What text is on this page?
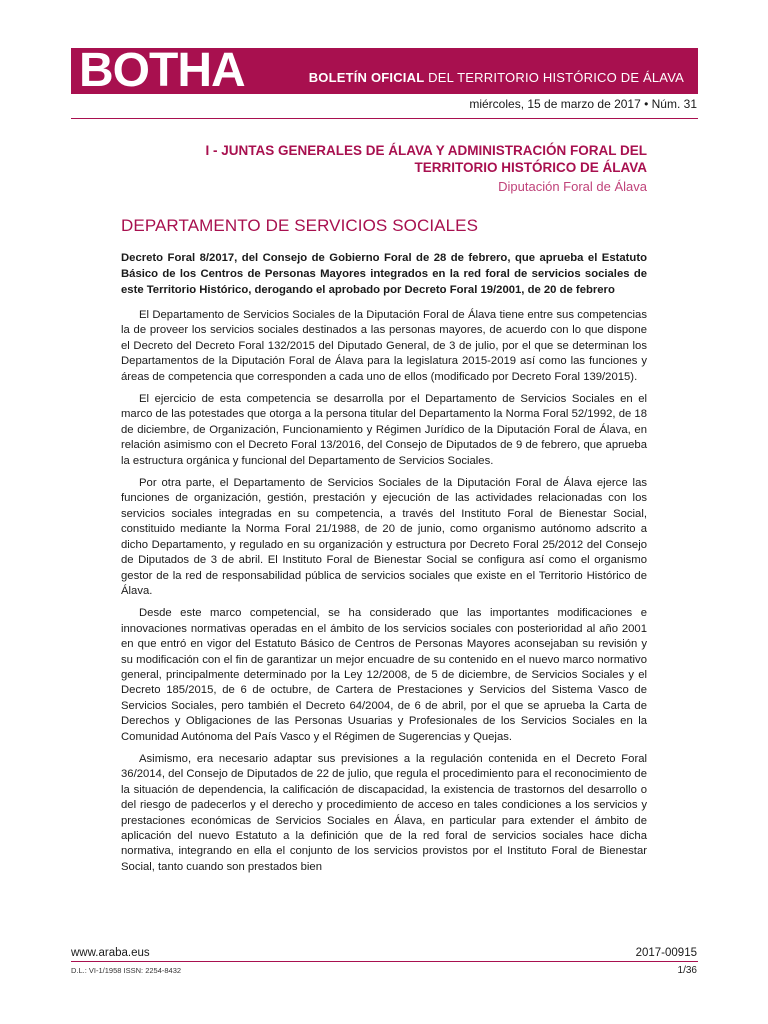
BOTHA	BOLETÍN OFICIAL DEL TERRITORIO HISTÓRICO DE ÁLAVA
miércoles, 15 de marzo de 2017 • Núm. 31
I - JUNTAS GENERALES DE ÁLAVA Y ADMINISTRACIÓN FORAL DEL TERRITORIO HISTÓRICO DE ÁLAVA
Diputación Foral de Álava
DEPARTAMENTO DE SERVICIOS SOCIALES
Decreto Foral 8/2017, del Consejo de Gobierno Foral de 28 de febrero, que aprueba el Estatuto Básico de los Centros de Personas Mayores integrados en la red foral de servicios sociales de este Territorio Histórico, derogando el aprobado por Decreto Foral 19/2001, de 20 de febrero

El Departamento de Servicios Sociales de la Diputación Foral de Álava tiene entre sus competencias la de proveer los servicios sociales destinados a las personas mayores, de acuerdo con lo que dispone el Decreto del Decreto Foral 132/2015 del Diputado General, de 3 de julio, por el que se determinan los Departamentos de la Diputación Foral de Álava para la legislatura 2015-2019 así como las funciones y áreas de competencia que corresponden a cada uno de ellos (modificado por Decreto Foral 139/2015).

El ejercicio de esta competencia se desarrolla por el Departamento de Servicios Sociales en el marco de las potestades que otorga a la persona titular del Departamento la Norma Foral 52/1992, de 18 de diciembre, de Organización, Funcionamiento y Régimen Jurídico de la Diputación Foral de Álava, en relación asimismo con el Decreto Foral 13/2016, del Consejo de Diputados de 9 de febrero, que aprueba la estructura orgánica y funcional del Departamento de Servicios Sociales.

Por otra parte, el Departamento de Servicios Sociales de la Diputación Foral de Álava ejerce las funciones de organización, gestión, prestación y ejecución de las actividades relacionadas con los servicios sociales integradas en su competencia, a través del Instituto Foral de Bienestar Social, constituido mediante la Norma Foral 21/1988, de 20 de junio, como organismo autónomo adscrito a dicho Departamento, y regulado en su organización y estructura por Decreto Foral 25/2012 del Consejo de Diputados de 3 de abril. El Instituto Foral de Bienestar Social se configura así como el organismo gestor de la red de responsabilidad pública de servicios sociales que existe en el Territorio Histórico de Álava.

Desde este marco competencial, se ha considerado que las importantes modificaciones e innovaciones normativas operadas en el ámbito de los servicios sociales con posterioridad al año 2001 en que entró en vigor del Estatuto Básico de Centros de Personas Mayores aconsejaban su revisión y su modificación con el fin de garantizar un mejor encuadre de su contenido en el nuevo marco normativo general, principalmente determinado por la Ley 12/2008, de 5 de diciembre, de Servicios Sociales y el Decreto 185/2015, de 6 de octubre, de Cartera de Prestaciones y Servicios del Sistema Vasco de Servicios Sociales, pero también el Decreto 64/2004, de 6 de abril, por el que se aprueba la Carta de Derechos y Obligaciones de las Personas Usuarias y Profesionales de los Servicios Sociales en la Comunidad Autónoma del País Vasco y el Régimen de Sugerencias y Quejas.

Asimismo, era necesario adaptar sus previsiones a la regulación contenida en el Decreto Foral 36/2014, del Consejo de Diputados de 22 de julio, que regula el procedimiento para el reconocimiento de la situación de dependencia, la calificación de discapacidad, la existencia de trastornos del desarrollo o del riesgo de padecerlos y el derecho y procedimiento de acceso en tales condiciones a los servicios y prestaciones económicas de Servicios Sociales en Álava, en particular para extender el ámbito de aplicación del nuevo Estatuto a la definición que de la red foral de servicios sociales hace dicha normativa, integrando en ella el conjunto de los servicios provistos por el Instituto Foral de Bienestar Social, tanto cuando son prestados bien

www.araba.eus	2017-00915
D.L.: VI-1/1958 ISSN: 2254-8432	1/36
